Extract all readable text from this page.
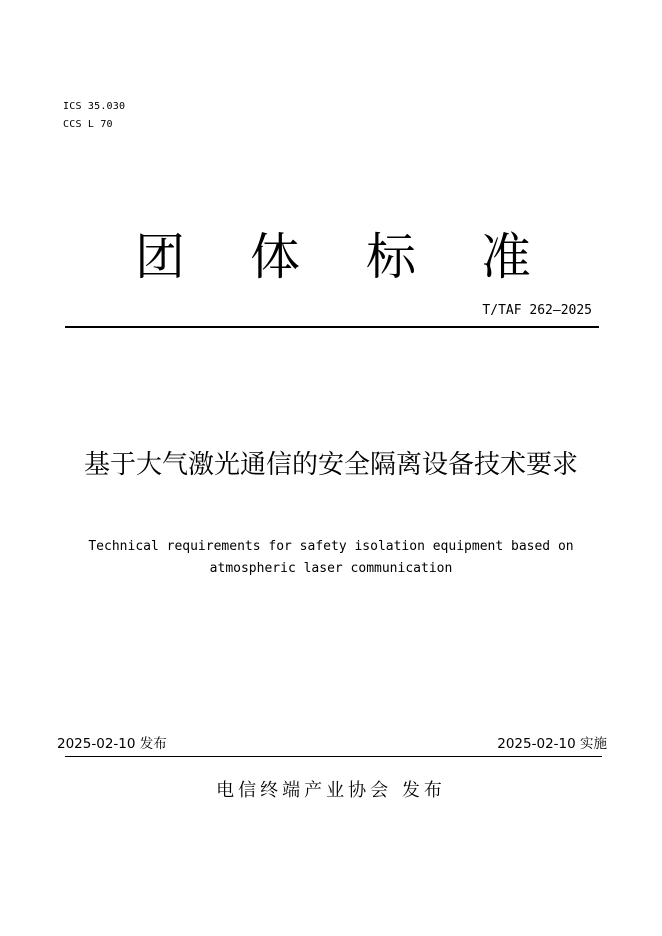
ICS 35.030
CCS L 70
团 体 标 准
T/TAF 262—2025
基于大气激光通信的安全隔离设备技术要求
Technical requirements for safety isolation equipment based on atmospheric laser communication
2025-02-10 发布	2025-02-10 实施
电信终端产业协会 发布
